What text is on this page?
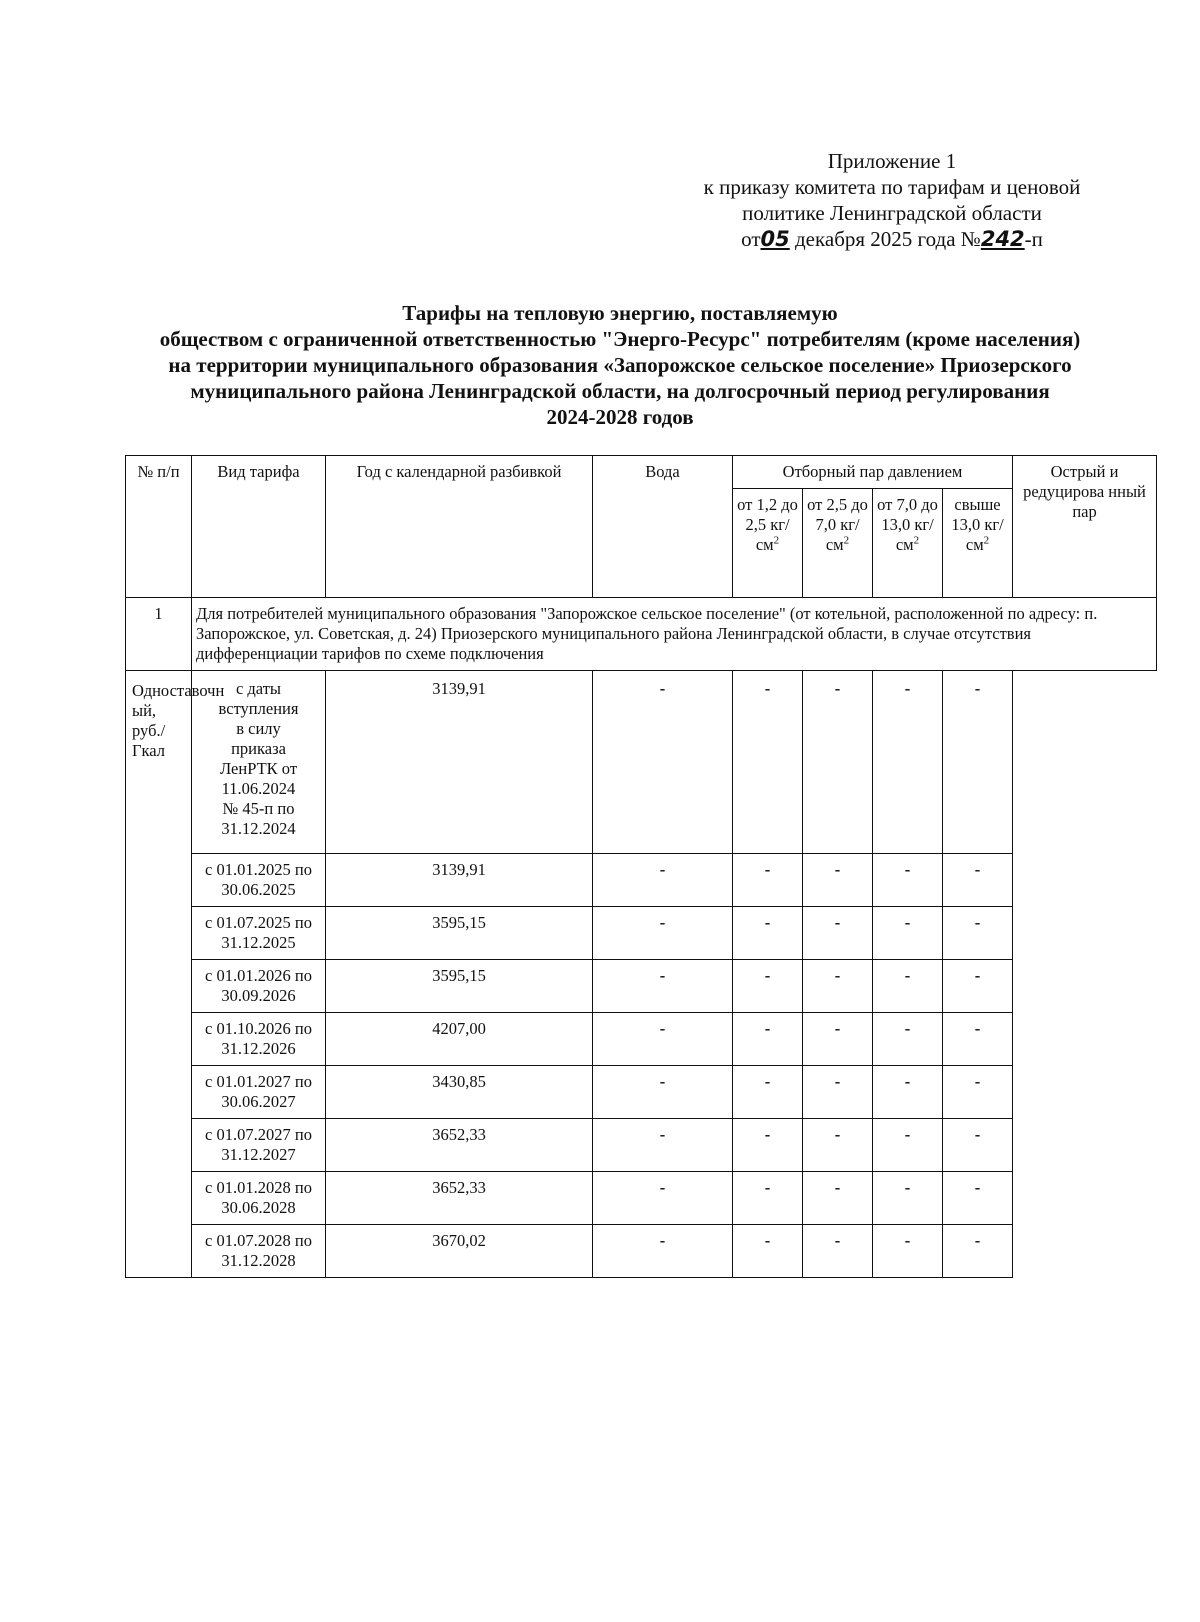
Приложение 1
к приказу комитета по тарифам и ценовой
политике Ленинградской области
от05 декабря 2025 года №242-п
Тарифы на тепловую энергию, поставляемую
обществом с ограниченной ответственностью "Энерго-Ресурс" потребителям (кроме населения)
на территории муниципального образования «Запорожское сельское поселение» Приозерского
муниципального района Ленинградской области, на долгосрочный период регулирования
2024-2028 годов
№ п/п	Вид тарифа	Год с календарной разбивкой	Вода	Отборный пар давлением				Острый и редуцирова нный пар
				от 1,2 до 2,5 $кг/см^2$	от 2,5 до 7,0 $кг/см^2$	от 7,0 до 13,0 $кг/см^2$	свыше 13,0 $кг/см^2$
1	Для потребителей муниципального образования "Запорожское сельское поселение" (от котельной, расположенной по адресу: п. Запорожское, ул. Советская, д. 24) Приозерского муниципального района Ленинградской области, в случае отсутствия дифференциации тарифов по схеме подключения							
Одноставочн ый, руб./Гкал	с даты вступления в силу приказа ЛенРТК от 11.06.2024 № 45-п по 31.12.2024	3139,91	-	-	-	-	-	
	с 01.01.2025 по 30.06.2025	3139,91	-	-	-	-	-	
	с 01.07.2025 по 31.12.2025	3595,15	-	-	-	-	-	
	с 01.01.2026 по 30.09.2026	3595,15	-	-	-	-	-	
	с 01.10.2026 по 31.12.2026	4207,00	-	-	-	-	-	
	с 01.01.2027 по 30.06.2027	3430,85	-	-	-	-	-	
	с 01.07.2027 по 31.12.2027	3652,33	-	-	-	-	-	
	с 01.01.2028 по 30.06.2028	3652,33	-	-	-	-	-	
	с 01.07.2028 по 31.12.2028	3670,02	-	-	-	-	-	
